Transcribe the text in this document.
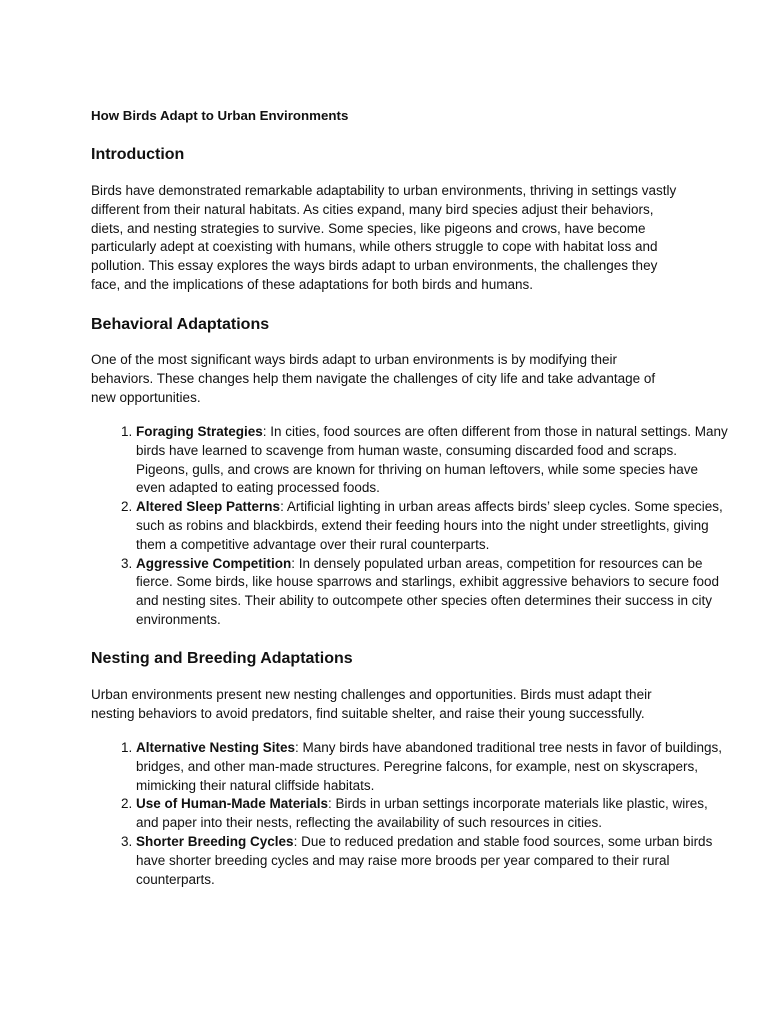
How Birds Adapt to Urban Environments
Introduction

Birds have demonstrated remarkable adaptability to urban environments, thriving in settings vastly different from their natural habitats. As cities expand, many bird species adjust their behaviors, diets, and nesting strategies to survive. Some species, like pigeons and crows, have become particularly adept at coexisting with humans, while others struggle to cope with habitat loss and pollution. This essay explores the ways birds adapt to urban environments, the challenges they face, and the implications of these adaptations for both birds and humans.

Behavioral Adaptations

One of the most significant ways birds adapt to urban environments is by modifying their behaviors. These changes help them navigate the challenges of city life and take advantage of new opportunities.

1. Foraging Strategies: In cities, food sources are often different from those in natural settings. Many birds have learned to scavenge from human waste, consuming discarded food and scraps. Pigeons, gulls, and crows are known for thriving on human leftovers, while some species have even adapted to eating processed foods.
2. Altered Sleep Patterns: Artificial lighting in urban areas affects birds’ sleep cycles. Some species, such as robins and blackbirds, extend their feeding hours into the night under streetlights, giving them a competitive advantage over their rural counterparts.
3. Aggressive Competition: In densely populated urban areas, competition for resources can be fierce. Some birds, like house sparrows and starlings, exhibit aggressive behaviors to secure food and nesting sites. Their ability to outcompete other species often determines their success in city environments.
Nesting and Breeding Adaptations

Urban environments present new nesting challenges and opportunities. Birds must adapt their nesting behaviors to avoid predators, find suitable shelter, and raise their young successfully.

1. Alternative Nesting Sites: Many birds have abandoned traditional tree nests in favor of buildings, bridges, and other man-made structures. Peregrine falcons, for example, nest on skyscrapers, mimicking their natural cliffside habitats.
2. Use of Human-Made Materials: Birds in urban settings incorporate materials like plastic, wires, and paper into their nests, reflecting the availability of such resources in cities.
3. Shorter Breeding Cycles: Due to reduced predation and stable food sources, some urban birds have shorter breeding cycles and may raise more broods per year compared to their rural counterparts.
